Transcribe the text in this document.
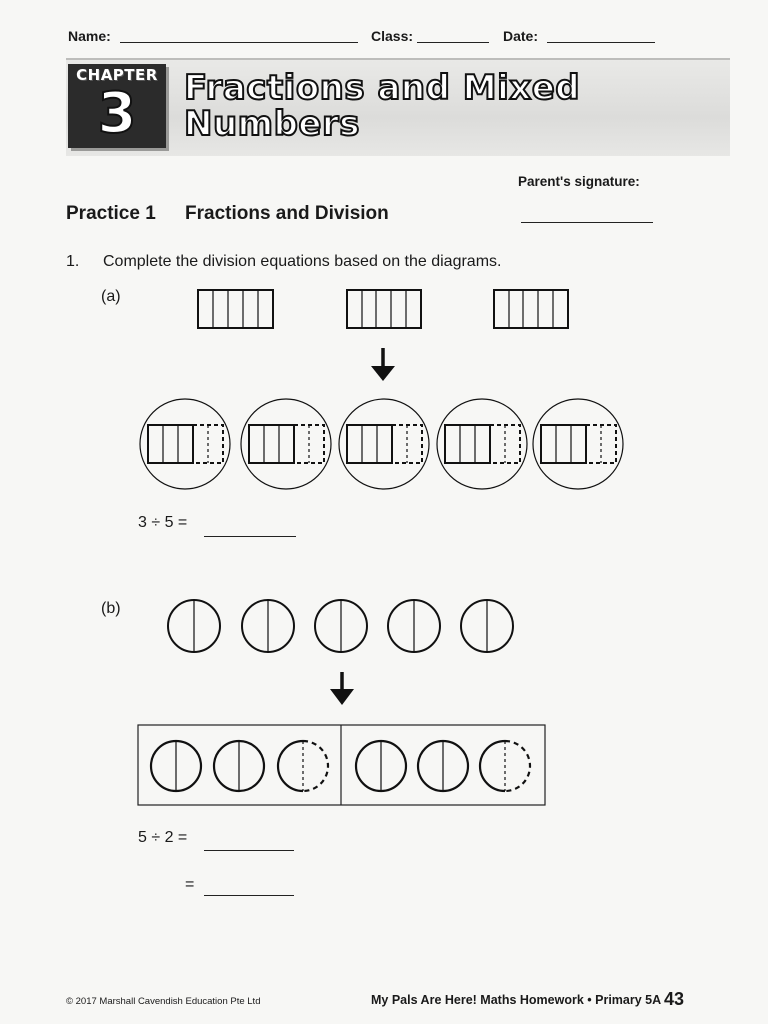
Name:	Class:	Date:
CHAPTER
3	Fractions and Mixed Numbers
Parent's signature:
Practice 1 Fractions and Division
1. Complete the division equations based on the diagrams.
(a)
3 ÷ 5 =
(b)
5 ÷ 2 =
=
© 2017 Marshall Cavendish Education Pte Ltd	My Pals Are Here! Maths Homework • Primary 5A 43
